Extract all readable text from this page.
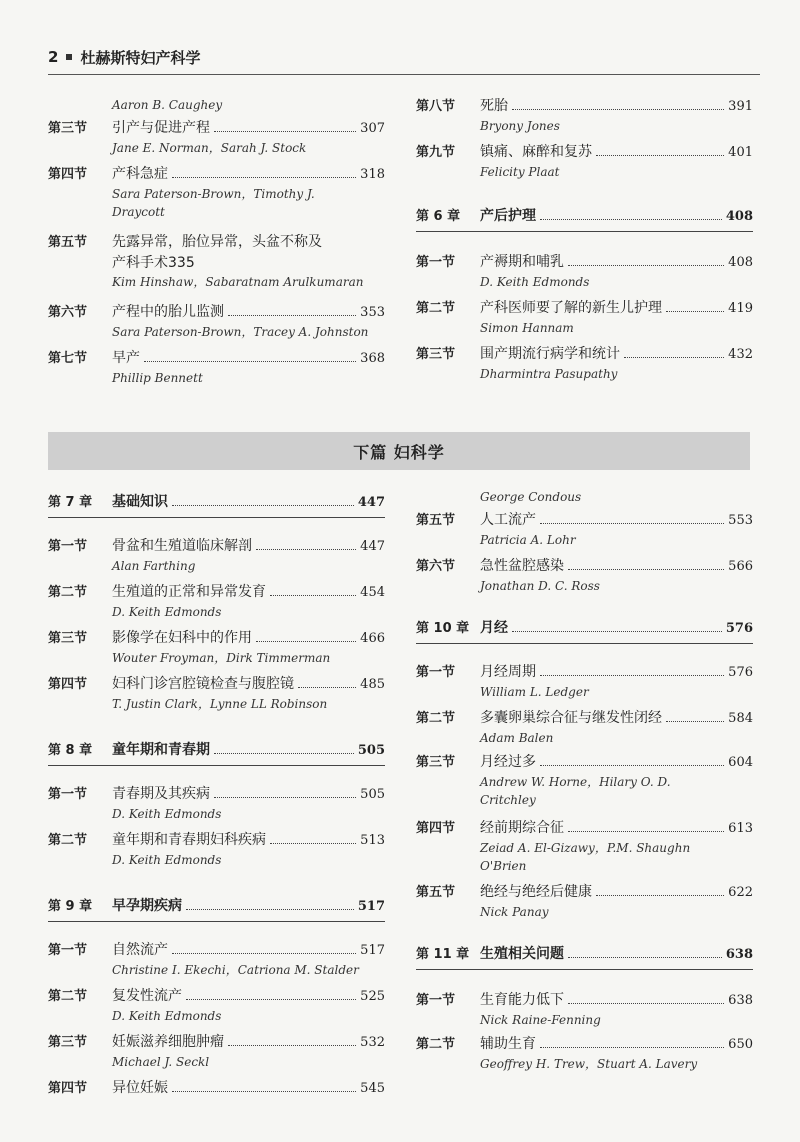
2 杜赫斯特妇产科学
Aaron B. Caughey
第三节	引产与促进产程	307
Jane E. Norman，Sarah J. Stock
第四节	产科急症	318
Sara Paterson-Brown，Timothy J.
Draycott
第五节	先露异常，胎位异常，头盆不称及
产科手术 335
Kim Hinshaw，Sabaratnam Arulkumaran
第六节	产程中的胎儿监测	353
Sara Paterson-Brown，Tracey A. Johnston
第七节	早产	368
Phillip Bennett
第八节	死胎	391
Bryony Jones
第九节	镇痛、麻醉和复苏	401
Felicity Plaat
第 6 章	产后护理	408
第一节	产褥期和哺乳	408
D. Keith Edmonds
第二节	产科医师要了解的新生儿护理	419
Simon Hannam
第三节	围产期流行病学和统计	432
Dharmintra Pasupathy
下篇 妇科学
第 7 章	基础知识	447
第一节	骨盆和生殖道临床解剖	447
Alan Farthing
第二节	生殖道的正常和异常发育	454
D. Keith Edmonds
第三节	影像学在妇科中的作用	466
Wouter Froyman，Dirk Timmerman
第四节	妇科门诊宫腔镜检查与腹腔镜	485
T. Justin Clark，Lynne LL Robinson
第 8 章	童年期和青春期	505
第一节	青春期及其疾病	505
D. Keith Edmonds
第二节	童年期和青春期妇科疾病	513
D. Keith Edmonds
第 9 章	早孕期疾病	517
第一节	自然流产	517
Christine I. Ekechi，Catriona M. Stalder
第二节	复发性流产	525
D. Keith Edmonds
第三节	妊娠滋养细胞肿瘤	532
Michael J. Seckl
第四节	异位妊娠	545
George Condous
第五节	人工流产	553
Patricia A. Lohr
第六节	急性盆腔感染	566
Jonathan D. C. Ross
第 10 章 月经	576
第一节	月经周期	576
William L. Ledger
第二节	多囊卵巢综合征与继发性闭经	584
Adam Balen
第三节	月经过多	604
Andrew W. Horne，Hilary O. D.
Critchley
第四节	经前期综合征	613
Zeiad A. El-Gizawy，P.M. Shaughn
O'Brien
第五节	绝经与绝经后健康	622
Nick Panay
第 11 章 生殖相关问题	638
第一节	生育能力低下	638
Nick Raine-Fenning
第二节	辅助生育	650
Geoffrey H. Trew，Stuart A. Lavery
